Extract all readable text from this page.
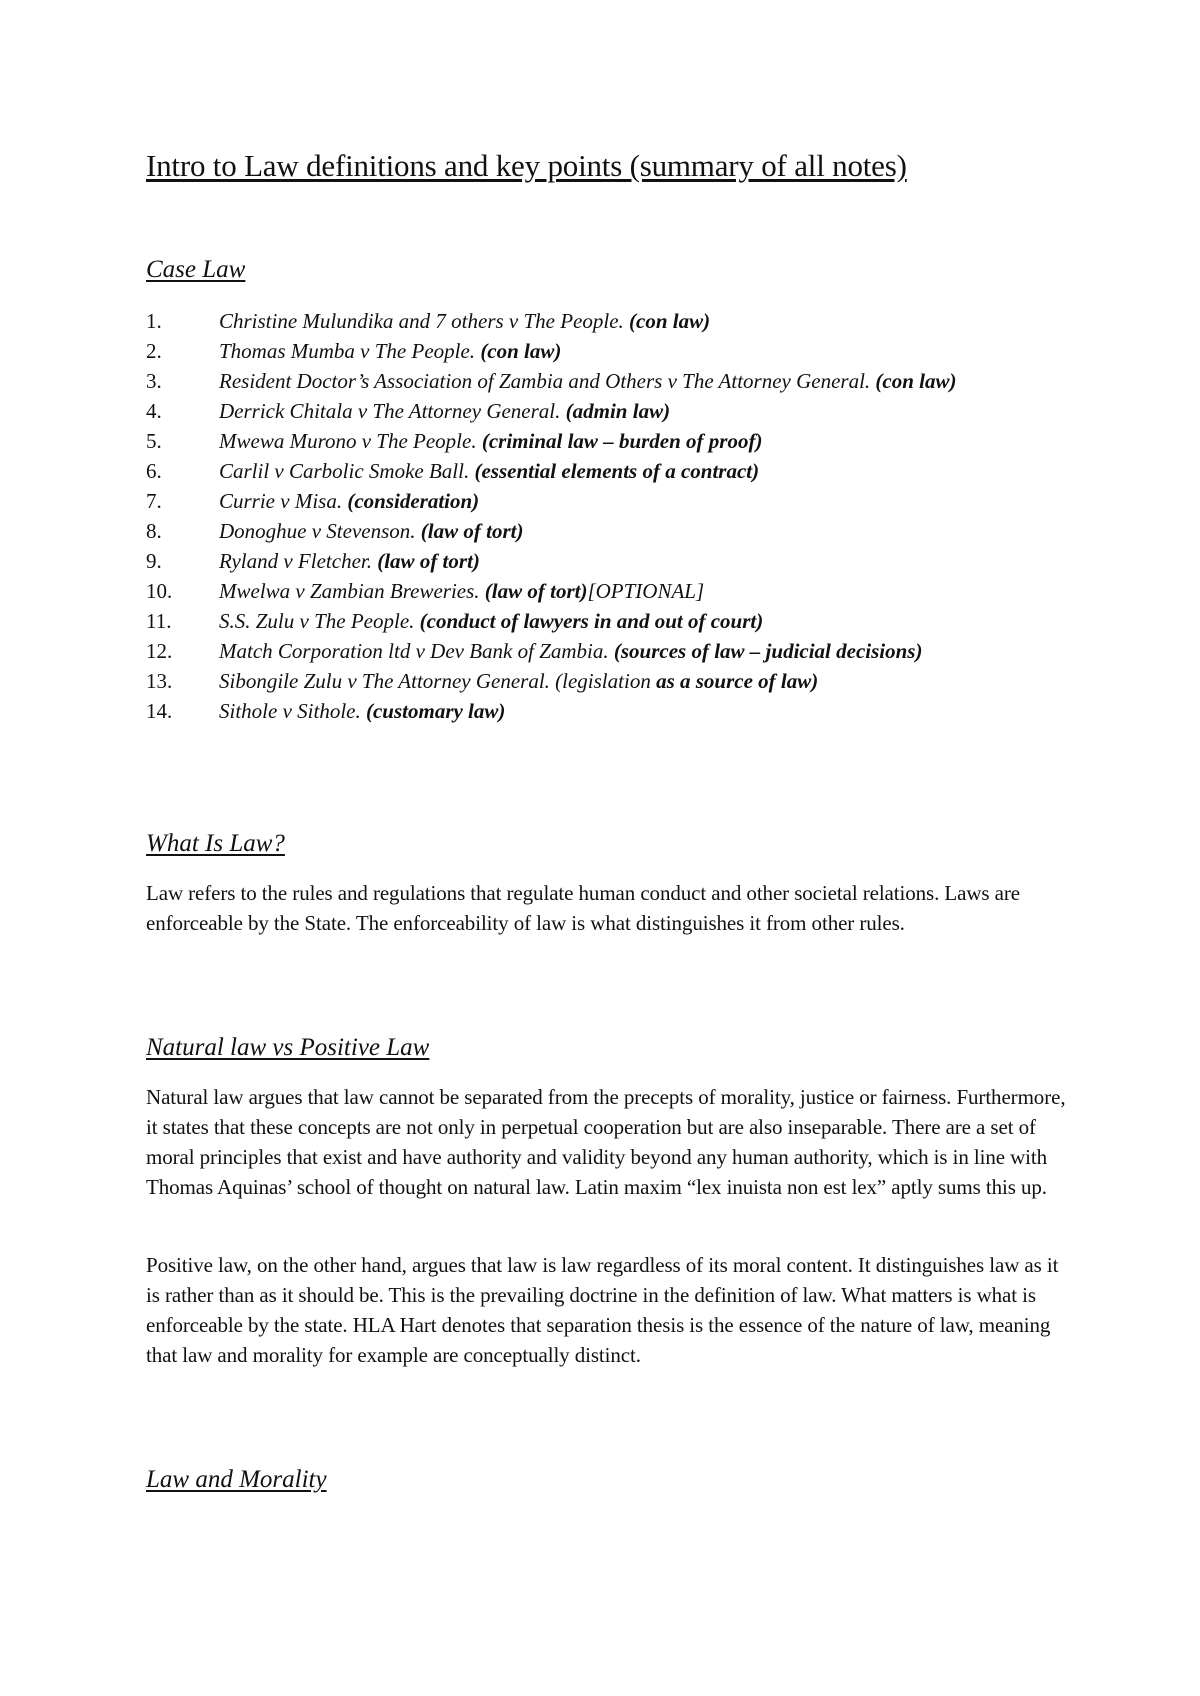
Intro to Law definitions and key points (summary of all notes)
Case Law
1.	Christine Mulundika and 7 others v The People. (con law)
2.	Thomas Mumba v The People. (con law)
3.	Resident Doctor’s Association of Zambia and Others v The Attorney General. (con law)
4.	Derrick Chitala v The Attorney General. (admin law)
5.	Mwewa Murono v The People. (criminal law – burden of proof)
6.	Carlil v Carbolic Smoke Ball. (essential elements of a contract)
7.	Currie v Misa. (consideration)
8.	Donoghue v Stevenson. (law of tort)
9.	Ryland v Fletcher. (law of tort)
10.	Mwelwa v Zambian Breweries. (law of tort)[OPTIONAL]
11.	S.S. Zulu v The People. (conduct of lawyers in and out of court)
12.	Match Corporation ltd v Dev Bank of Zambia. (sources of law – judicial decisions)
13.	Sibongile Zulu v The Attorney General. (legislation as a source of law)
14.	Sithole v Sithole. (customary law)
What Is Law?

Law refers to the rules and regulations that regulate human conduct and other societal relations. Laws are enforceable by the State. The enforceability of law is what distinguishes it from other rules.

Natural law vs Positive Law

Natural law argues that law cannot be separated from the precepts of morality, justice or fairness. Furthermore, it states that these concepts are not only in perpetual cooperation but are also inseparable. There are a set of moral principles that exist and have authority and validity beyond any human authority, which is in line with Thomas Aquinas’ school of thought on natural law. Latin maxim “lex inuista non est lex” aptly sums this up.

Positive law, on the other hand, argues that law is law regardless of its moral content. It distinguishes law as it is rather than as it should be. This is the prevailing doctrine in the definition of law. What matters is what is enforceable by the state. HLA Hart denotes that separation thesis is the essence of the nature of law, meaning that law and morality for example are conceptually distinct.

Law and Morality
